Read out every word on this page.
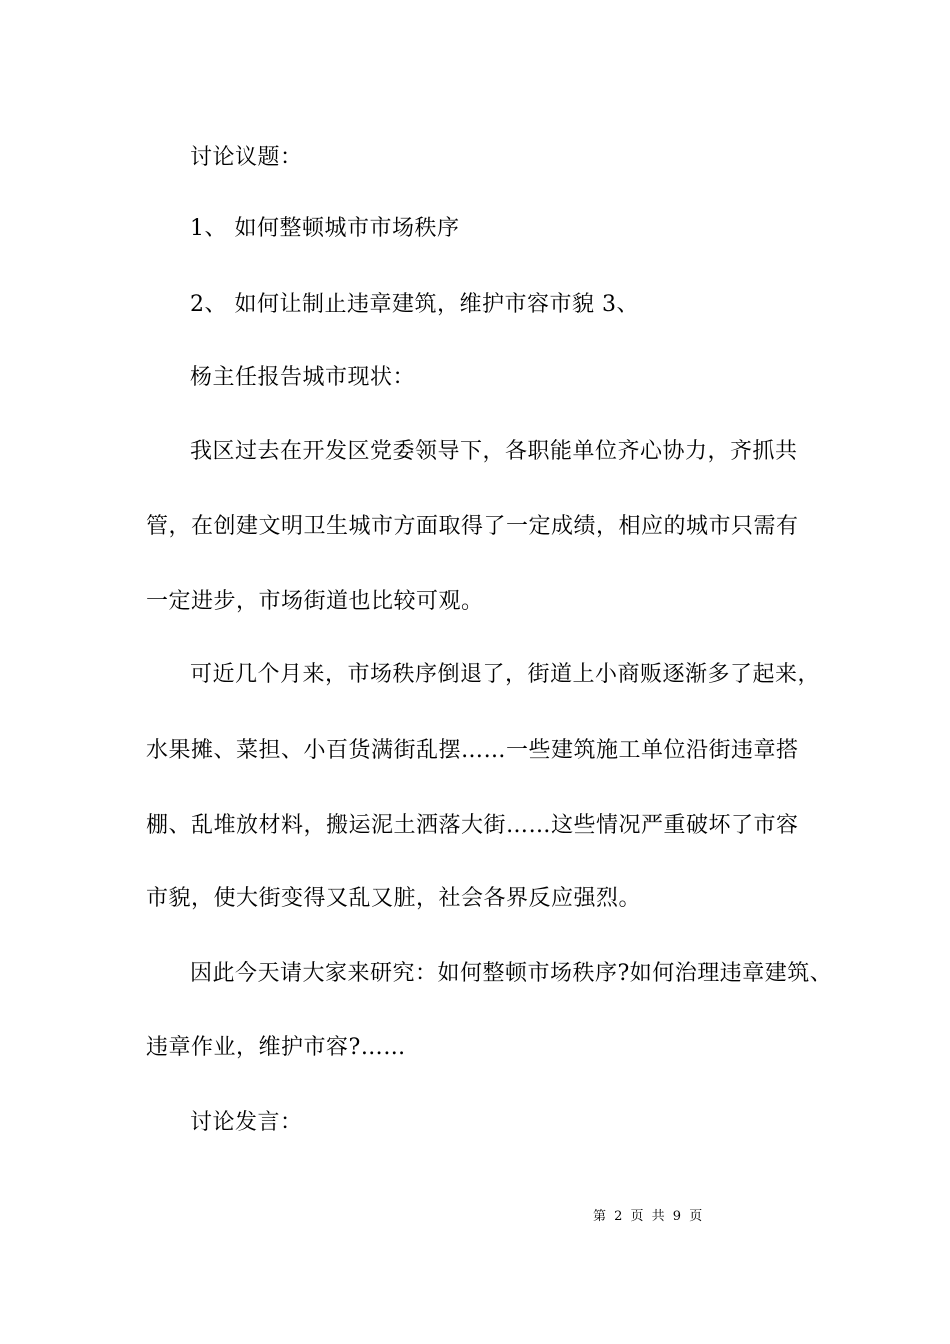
讨论议题：
1、 如何整顿城市市场秩序
2、 如何让制止违章建筑，维护市容市貌 3、
杨主任报告城市现状：
我区过去在开发区党委领导下，各职能单位齐心协力，齐抓共
管，在创建文明卫生城市方面取得了一定成绩，相应的城市只需有
一定进步，市场街道也比较可观。
可近几个月来，市场秩序倒退了，街道上小商贩逐渐多了起来，
水果摊、菜担、小百货满街乱摆……一些建筑施工单位沿街违章搭
棚、乱堆放材料，搬运泥土洒落大街……这些情况严重破坏了市容
市貌，使大街变得又乱又脏，社会各界反应强烈。
因此今天请大家来研究：如何整顿市场秩序?如何治理违章建筑、
违章作业，维护市容?……
讨论发言：
第 2 页 共 9 页
